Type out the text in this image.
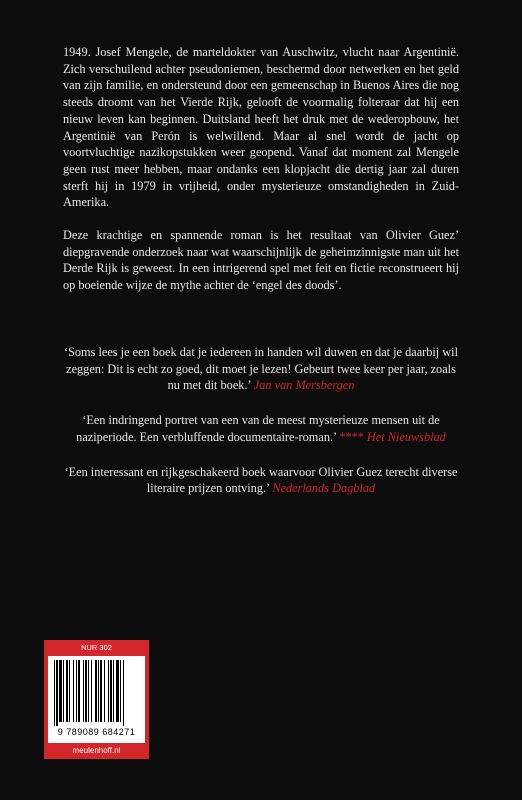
1949. Josef Mengele, de marteldokter van Auschwitz, vlucht naar Argentinië. Zich verschuilend achter pseudoniemen, beschermd door netwerken en het geld van zijn familie, en ondersteund door een gemeenschap in Buenos Aires die nog steeds droomt van het Vierde Rijk, gelooft de voormalig folteraar dat hij een nieuw leven kan beginnen. Duitsland heeft het druk met de wederopbouw, het Argentinië van Perón is welwillend. Maar al snel wordt de jacht op voortvluchtige nazikopstukken weer geopend. Vanaf dat moment zal Mengele geen rust meer hebben, maar ondanks een klopjacht die dertig jaar zal duren sterft hij in 1979 in vrijheid, onder mysterieuze omstandigheden in Zuid-Amerika.

Deze krachtige en spannende roman is het resultaat van Olivier Guez’ diepgravende onderzoek naar wat waarschijnlijk de geheimzinnigste man uit het Derde Rijk is geweest. In een intrigerend spel met feit en fictie reconstrueert hij op boeiende wijze de mythe achter de ‘engel des doods’.

‘Soms lees je een boek dat je iedereen in handen wil duwen en dat je daarbij wil zeggen: Dit is echt zo goed, dit moet je lezen! Gebeurt twee keer per jaar, zoals nu met dit boek.’ Jan van Mersbergen
‘Een indringend portret van een van de meest mysterieuze mensen uit de naziperiode. Een verbluffende documentaire-roman.’ **** Het Nieuwsblad
‘Een interessant en rijkgeschakeerd boek waarvoor Olivier Guez terecht diverse literaire prijzen ontving.’ Nederlands Dagblad
NUR 302
9 789089 684271
meulenhoff.nl
